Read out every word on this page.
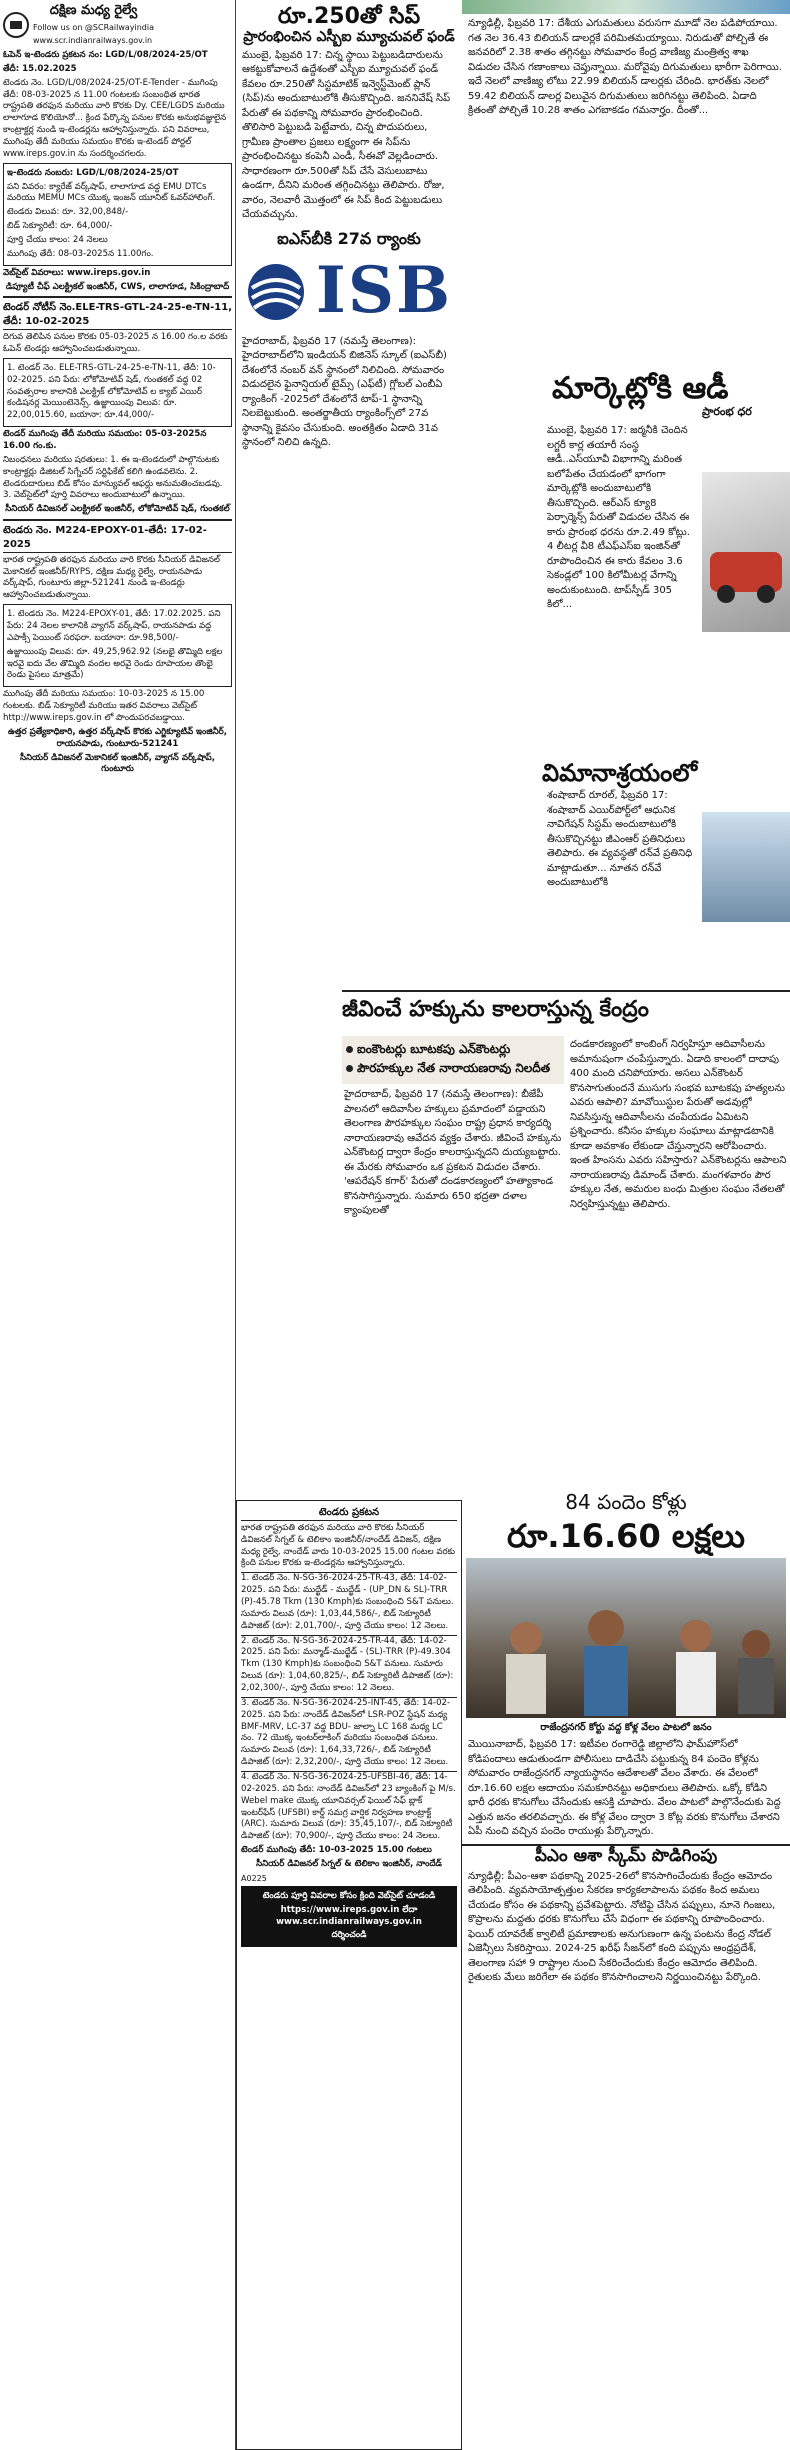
దక్షిణ మధ్య రైల్వే

Follow us on @SCRailwayindia

www.scr.indianrailways.gov.in

ఓపెన్ ఇ-టెండరు ప్రకటన నం: LGD/L/08/2024-25/OT

తేదీ: 15.02.2025

టెండరు నెం. LGD/L/08/2024-25/OT-E-Tender - ముగింపు తేదీ: 08-03-2025 న 11.00 గంటలకు సంబంధిత భారత రాష్ట్రపతి తరఫున మరియు వారి కొరకు Dy. CEE/LGDS మరియు లాలాగూడ కొలియోనో... క్రింద పేర్కొన్న పనుల కొరకు అనుభవజ్ఞులైన కాంట్రాక్టర్ల నుండి ఇ-టెండర్లను ఆహ్వానిస్తున్నారు. పని వివరాలు, ముగింపు తేదీ మరియు సమయం కొరకు ఇ-టెండర్ పోర్టల్ www.ireps.gov.in ను సందర్శించగలరు.

ఇ-టెండరు నంబరు: LGD/L/08/2024-25/OT

పని వివరం: క్యారేజ్ వర్క్‌షాప్, లాలాగూడ వద్ద EMU DTCs మరియు MEMU MCs యొక్క ఇంజన్ యూనిట్ ఓవర్‌హాలింగ్.

టెండరు విలువ: రూ. 32,00,848/-

బిడ్ సెక్యూరిటీ: రూ. 64,000/-

పూర్తి చేయు కాలం: 24 నెలలు

ముగింపు తేదీ: 08-03-2025న 11.00గం.

వెబ్‌సైట్ వివరాలు: www.ireps.gov.in

డిప్యూటీ చీఫ్ ఎలక్ట్రికల్ ఇంజినీర్, CWS, లాలాగూడ, సికింద్రాబాద్

టెండర్ నోటీస్ నెం.ELE-TRS-GTL-24-25-e-TN-11, తేదీ: 10-02-2025

దిగువ తెలిపిన పనుల కొరకు 05-03-2025 న 16.00 గం.ల వరకు ఓపెన్ టెండర్లు ఆహ్వానించబడుతున్నాయి.

1. టెండర్ నెం. ELE-TRS-GTL-24-25-e-TN-11, తేదీ: 10-02-2025. పని పేరు: లోకోమోటివ్ షెడ్, గుంతకల్ వద్ద 02 సంవత్సరాల కాలానికి ఎలక్ట్రిక్ లోకోమోటివ్ ల క్యాబ్ ఎయిర్ కండిషనర్ల మెయింటెనెన్స్. ఉజ్జాయింపు విలువ: రూ. 22,00,015.60, బయానా: రూ.44,000/-

టెండర్ ముగింపు తేదీ మరియు సమయం: 05-03-2025న 16.00 గం.కు.

నిబంధనలు మరియు షరతులు: 1. ఈ ఇ-టెండరులో పాల్గొనుటకు కాంట్రాక్టర్లు డిజిటల్ సిగ్నేచర్ సర్టిఫికేట్ కలిగి ఉండవలెను. 2. టెండరుదారులు బిడ్ కోసం మాన్యువల్ ఆఫర్లు అనుమతించబడవు. 3. వెబ్‌సైట్‌లో పూర్తి వివరాలు అందుబాటులో ఉన్నాయి.

సీనియర్ డివిజనల్ ఎలక్ట్రికల్ ఇంజినీర్, లోకోమోటివ్ షెడ్, గుంతకల్

టెండరు నెం. M224-EPOXY-01-తేదీ: 17-02-2025

భారత రాష్ట్రపతి తరఫున మరియు వారి కొరకు సీనియర్ డివిజనల్ మెకానికల్ ఇంజినీర్/RYPS, దక్షిణ మధ్య రైల్వే, రాయనపాడు వర్క్‌షాప్, గుంటూరు జిల్లా-521241 నుండి ఇ-టెండర్లు ఆహ్వానించబడుతున్నాయి.

1. టెండరు నెం. M224-EPOXY-01, తేదీ: 17.02.2025. పని పేరు: 24 నెలల కాలానికి వ్యాగన్ వర్క్‌షాప్, రాయనపాడు వద్ద ఎపాక్సీ పెయింట్ సరఫరా. బయానా: రూ.98,500/-

ఉజ్జాయింపు విలువ: రూ. 49,25,962.92 (నలభై తొమ్మిది లక్షల ఇరవై ఐదు వేల తొమ్మిది వందల అరవై రెండు రూపాయల తొంభై రెండు పైసలు మాత్రమే)

ముగింపు తేదీ మరియు సమయం: 10-03-2025 న 15.00 గంటలకు. బిడ్ సెక్యూరిటీ మరియు ఇతర వివరాలు వెబ్‌సైట్ http://www.ireps.gov.in లో పొందుపరచబడ్డాయి.

ఉత్తర ప్రత్యేకాధికారి, ఉత్తర వర్క్‌షాప్ కొరకు ఎగ్జిక్యూటివ్ ఇంజినీర్, రాయనపాడు, గుంటూరు-521241

సీనియర్ డివిజనల్ మెకానికల్ ఇంజినీర్, వ్యాగన్ వర్క్‌షాప్, గుంటూరు

రూ.250తో సిప్
ప్రారంభించిన ఎస్బీఐ మ్యూచువల్ ఫండ్

ముంబై, ఫిబ్రవరి 17: చిన్న స్థాయి పెట్టుబడిదారులను ఆకట్టుకోవాలనే ఉద్దేశంతో ఎస్బీఐ మ్యూచువల్ ఫండ్ కేవలం రూ.250తో సిస్టమాటిక్ ఇన్వెస్ట్‌మెంట్ ప్లాన్ (సిప్)ను అందుబాటులోకి తీసుకొచ్చింది. జననివేష్ సిప్ పేరుతో ఈ పథకాన్ని సోమవారం ప్రారంభించింది. తొలిసారి పెట్టుబడి పెట్టేవారు, చిన్న పొదుపరులు, గ్రామీణ ప్రాంతాల ప్రజలు లక్ష్యంగా ఈ సిప్‌ను ప్రారంభించినట్టు కంపెనీ ఎండీ, సీఈవో వెల్లడించారు. సాధారణంగా రూ.500తో సిప్ చేసే వెసులుబాటు ఉండగా, దీనిని మరింత తగ్గించినట్టు తెలిపారు. రోజు, వారం, నెలవారీ మొత్తంలో ఈ సిప్ కింద పెట్టుబడులు చేయవచ్చును.

ఐఎస్‌బీకి 27వ ర్యాంకు
ISB

హైదరాబాద్, ఫిబ్రవరి 17 (నమస్తే తెలంగాణ): హైదరాబాద్‌లోని ఇండియన్ బిజినెస్ స్కూల్ (ఐఎస్‌బీ) దేశంలోనే నంబర్ వన్ స్థానంలో నిలిచింది. సోమవారం విడుదలైన ఫైనాన్షియల్ టైమ్స్ (ఎఫ్‌టీ) గ్లోబల్ ఎంబీఏ ర్యాంకింగ్ -2025లో దేశంలోనే టాప్-1 స్థానాన్ని నిలబెట్టుకుంది. అంతర్జాతీయ ర్యాంకింగ్స్‌లో 27వ స్థానాన్ని కైవసం చేసుకుంది. అంతక్రితం ఏడాది 31వ స్థానంలో నిలిచి ఉన్నది.

న్యూఢిల్లీ, ఫిబ్రవరి 17: దేశీయ ఎగుమతులు వరుసగా మూడో నెల పడిపోయాయి. గత నెల 36.43 బిలియన్ డాలర్లకే పరిమితమయ్యాయి. నిరుడుతో పోల్చితే ఈ జనవరిలో 2.38 శాతం తగ్గినట్టు సోమవారం కేంద్ర వాణిజ్య మంత్రిత్వ శాఖ విడుదల చేసిన గణాంకాలు చెప్తున్నాయి. మరోవైపు దిగుమతులు భారీగా పెరిగాయి. ఇదే నెలలో వాణిజ్య లోటు 22.99 బిలియన్ డాలర్లకు చేరింది. భారత్‌కు నెలలో 59.42 బిలియన్ డాలర్ల విలువైన దిగుమతులు జరిగినట్టు తెలిపింది. ఏడాది క్రితంతో పోల్చితే 10.28 శాతం ఎగబాకడం గమనార్హం. దీంతో...

మార్కెట్లోకి ఆడీ
ప్రారంభ ధర

ముంబై, ఫిబ్రవరి 17: జర్మనీకి చెందిన లగ్జరీ కార్ల తయారీ సంస్థ ఆడీ..ఎస్‌యూవీ విభాగాన్ని మరింత బలోపేతం చేయడంలో భాగంగా మార్కెట్లోకి అందుబాటులోకి తీసుకొచ్చింది. ఆర్‌ఎస్ క్యూ8 పెర్ఫార్మెన్స్ పేరుతో విడుదల చేసిన ఈ కారు ప్రారంభ ధరను రూ.2.49 కోట్లు. 4 లీటర్ల వీ8 టీఎఫ్ఎస్ఐ ఇంజిన్‌తో రూపొందించిన ఈ కారు కేవలం 3.6 సెకండ్లలో 100 కిలోమీటర్ల వేగాన్ని అందుకుంటుంది. టాప్‌స్పీడ్ 305 కిలో...

విమానాశ్రయంలో

శంషాబాద్ రూరల్, ఫిబ్రవరి 17: శంషాబాద్ ఎయిర్‌పోర్ట్‌లో ఆధునిక నావిగేషన్ సిస్టమ్ అందుబాటులోకి తీసుకొచ్చినట్టు జీఎంఆర్ ప్రతినిధులు తెలిపారు. ఈ వ్యవస్థతో రన్‌వే ప్రతినిధి మాట్లాడుతూ... నూతన రన్‌వే అందుబాటులోకి

జీవించే హక్కును కాలరాస్తున్న కేంద్రం

ఐంకౌంటర్లు బూటకపు ఎన్‌కౌంటర్లు

పౌరహక్కుల నేత నారాయణరావు నిలదీత

హైదరాబాద్, ఫిబ్రవరి 17 (నమస్తే తెలంగాణ): బీజేపీ పాలనలో ఆదివాసీల హక్కులు ప్రమాదంలో పడ్డాయని తెలంగాణ పౌరహక్కుల సంఘం రాష్ట్ర ప్రధాన కార్యదర్శి నారాయణరావు ఆవేదన వ్యక్తం చేశారు. జీవించే హక్కును ఎన్‌కౌంటర్ల ద్వారా కేంద్రం కాలరాస్తున్నదని దుయ్యబట్టారు. ఈ మేరకు సోమవారం ఒక ప్రకటన విడుదల చేశారు. 'ఆపరేషన్ కగార్' పేరుతో దండకారణ్యంలో హత్యాకాండ కొనసాగిస్తున్నారు. సుమారు 650 భద్రతా దళాల క్యాంపులతో

దండకారణ్యంలో కాంబింగ్ నిర్వహిస్తూ ఆదివాసీలను అమానుషంగా చంపేస్తున్నారు. ఏడాది కాలంలో దాదాపు 400 మంది చనిపోయారు. అసలు ఎన్‌కౌంటర్ కొనసాగుతుందనే ముసుగు సంభవ బూటకపు హత్యలను ఎవరు ఆపాలి? మావోయిస్టుల పేరుతో అడవుల్లో నివసిస్తున్న ఆదివాసీలను చంపేయడం ఏమిటని ప్రశ్నించారు. కనీసం హక్కుల సంఘాలు మాట్లాడటానికి కూడా అవకాశం లేకుండా చేస్తున్నారని ఆరోపించారు. ఇంత హింసను ఎవరు సహిస్తారు? ఎన్‌కౌంటర్లను ఆపాలని నారాయణరావు డిమాండ్ చేశారు. మంగళవారం పౌర హక్కుల నేత, అమరుల బంధు మిత్రుల సంఘం నేతలతో నిర్వహిస్తున్నట్టు తెలిపారు.

టెండరు ప్రకటన

భారత రాష్ట్రపతి తరఫున మరియు వారి కొరకు సీనియర్ డివిజనల్ సిగ్నల్ & టెలికాం ఇంజినీర్/నాందేడ్ డివిజన్, దక్షిణ మధ్య రైల్వే, నాందేడ్ వారు 10-03-2025 15.00 గంటల వరకు క్రింది పనుల కొరకు ఇ-టెండర్లను ఆహ్వానిస్తున్నారు.

1. టెండర్ నెం. N-SG-36-2024-25-TR-43, తేదీ: 14-02-2025. పని పేరు: ముద్ఖేడ్ - ముద్ఖేడ్ - (UP_DN & SL)-TRR (P)-45.78 Tkm (130 Kmph)కు సంబంధించి S&T పనులు. సుమారు విలువ (రూ): 1,03,44,586/-, బిడ్ సెక్యూరిటీ డిపాజిట్ (రూ): 2,01,700/-, పూర్తి చేయు కాలం: 12 నెలలు.

2. టెండర్ నెం. N-SG-36-2024-25-TR-44, తేదీ: 14-02-2025. పని పేరు: మన్మాడ్-ముద్ఖేడ్ - (SL)-TRR (P)-49.304 Tkm (130 Kmph)కు సంబంధించి S&T పనులు. సుమారు విలువ (రూ): 1,04,60,825/-, బిడ్ సెక్యూరిటీ డిపాజిట్ (రూ): 2,02,300/-, పూర్తి చేయు కాలం: 12 నెలలు.

3. టెండర్ నెం. N-SG-36-2024-25-INT-45, తేదీ: 14-02-2025. పని పేరు: నాందేడ్ డివిజన్‌లో LSR-POZ స్టేషన్ మధ్య BMF-MRV, LC-37 వద్ద BDU- జాల్నా LC 168 మధ్య LC నం. 72 యొక్క ఇంటర్‌లాకింగ్ మరియు సంబంధిత పనులు. సుమారు విలువ (రూ): 1,64,33,726/-, బిడ్ సెక్యూరిటీ డిపాజిట్ (రూ): 2,32,200/-, పూర్తి చేయు కాలం: 12 నెలలు.

4. టెండర్ నెం. N-SG-36-2024-25-UFSBI-46, తేదీ: 14-02-2025. పని పేరు: నాందేడ్ డివిజన్‌లో 23 బ్యాంకింగ్ పై M/s. Webel make యొక్క యూనివర్సల్ ఫెయిల్ సేఫ్ బ్లాక్ ఇంటర్‌ఫేస్ (UFSBI) కార్డ్ సమగ్ర వార్షిక నిర్వహణ కాంట్రాక్ట్ (ARC). సుమారు విలువ (రూ): 35,45,107/-, బిడ్ సెక్యూరిటీ డిపాజిట్ (రూ): 70,900/-, పూర్తి చేయు కాలం: 24 నెలలు.

టెండర్ ముగింపు తేదీ: 10-03-2025 15.00 గంటలు

సీనియర్ డివిజనల్ సిగ్నల్ & టెలికాం ఇంజినీర్, నాందేడ్

A0225

టెండరు పూర్తి వివరాల కోసం క్రింది వెబ్‌సైట్ చూడండి

https://www.ireps.gov.in లేదా www.scr.indianrailways.gov.in

దర్శించండి

84 పందెం కోళ్లు
రూ.16.60 లక్షలు
రాజేంద్రనగర్ కోర్టు వద్ద కోళ్ల వేలం పాటలో జనం

మొయినాబాద్, ఫిబ్రవరి 17: ఇటీవల రంగారెడ్డి జిల్లాలోని ఫామ్‌హౌస్‌లో కోడిపందాలు ఆడుతుండగా పోలీసులు దాడిచేసి పట్టుకున్న 84 పందెం కోళ్లను సోమవారం రాజేంద్రనగర్ న్యాయస్థానం ఆదేశాలతో వేలం వేశారు. ఈ వేలంలో రూ.16.60 లక్షల ఆదాయం సమకూరినట్టు అధికారులు తెలిపారు. ఒక్కో కోడిని భారీ ధరకు కొనుగోలు చేసేందుకు ఆసక్తి చూపారు. వేలం పాటలో పాల్గొనేందుకు పెద్ద ఎత్తున జనం తరలివచ్చారు. ఈ కోళ్ల వేలం ద్వారా 3 కోట్ల వరకు కొనుగోలు చేశారని ఏపీ నుంచి వచ్చిన పందెం రాయుళ్లు పేర్కొన్నారు.

పీఎం ఆశా స్కీమ్ పొడిగింపు

న్యూఢిల్లీ: పీఎం-ఆశా పథకాన్ని 2025-26లో కొనసాగించేందుకు కేంద్రం ఆమోదం తెలిపింది. వ్యవసాయోత్పత్తుల సేకరణ కార్యకలాపాలను పథకం కింద అమలు చేయడం కోసం ఈ పథకాన్ని ప్రవేశపెట్టారు. నోటిఫై చేసిన పప్పులు, నూనె గింజలు, కొప్రాలను మద్దతు ధరకు కొనుగోలు చేసే విధంగా ఈ పథకాన్ని రూపొందించారు. ఫెయిర్ యావరేజ్ క్వాలిటీ ప్రమాణాలకు అనుగుణంగా ఉన్న పంటను కేంద్ర నోడల్ ఏజెన్సీలు సేకరిస్తాయి. 2024-25 ఖరీఫ్ సీజన్‌లో కంది పప్పును ఆంధ్రప్రదేశ్, తెలంగాణ సహా 9 రాష్ట్రాల నుంచి సేకరించేందుకు కేంద్రం ఆమోదం తెలిపింది. రైతులకు మేలు జరిగేలా ఈ పథకం కొనసాగించాలని నిర్ణయించినట్టు పేర్కొంది.
